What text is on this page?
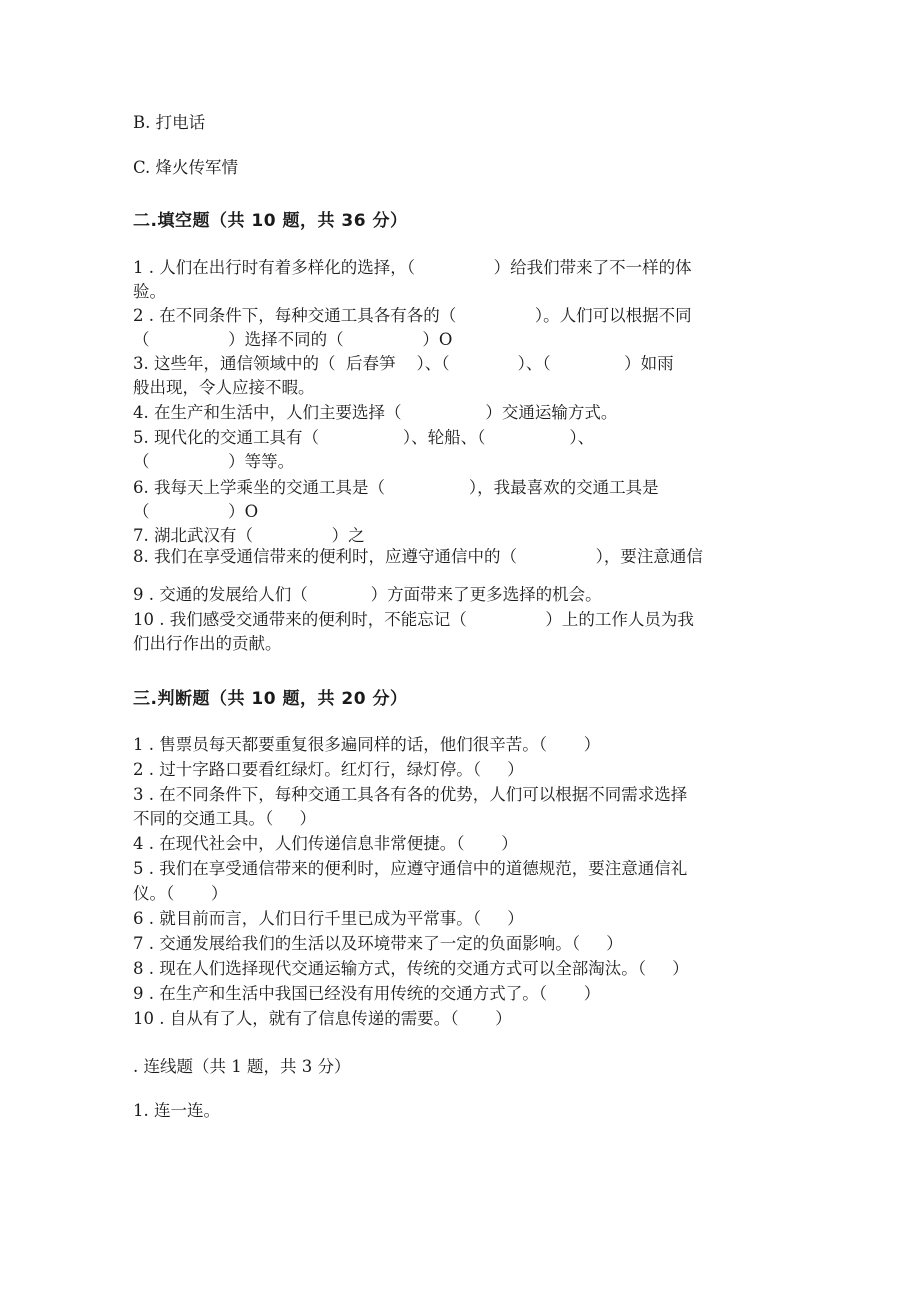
B. 打电话
C. 烽火传军情
二.填空题（共 10 题，共 36 分）
1 . 人们在出行时有着多样化的选择，（               ）给我们带来了不一样的体
验。
2 . 在不同条件下，每种交通工具各有各的（               ）。人们可以根据不同
（               ）选择不同的（               ）O
3. 这些年，通信领域中的（  后春笋    ）、（             ）、（              ）如雨
般出现，令人应接不暇。
4. 在生产和生活中，人们主要选择（                ）交通运输方式。
5. 现代化的交通工具有（                ）、轮船、（                ）、
（               ）等等。
6. 我每天上学乘坐的交通工具是（                ），我最喜欢的交通工具是
（               ）O
7. 湖北武汉有（               ）之
8. 我们在享受通信带来的便利时，应遵守通信中的（               ），要注意通信
9 . 交通的发展给人们（            ）方面带来了更多选择的机会。
10 . 我们感受交通带来的便利时，不能忘记（               ）上的工作人员为我
们出行作出的贡献。
三.判断题（共 10 题，共 20 分）
1 . 售票员每天都要重复很多遍同样的话，他们很辛苦。（       ）
2 . 过十字路口要看红绿灯。红灯行，绿灯停。（     ）
3 . 在不同条件下，每种交通工具各有各的优势，人们可以根据不同需求选择
不同的交通工具。（     ）
4 . 在现代社会中，人们传递信息非常便捷。（       ）
5 . 我们在享受通信带来的便利时，应遵守通信中的道德规范，要注意通信礼
仪。（       ）
6 . 就目前而言，人们日行千里已成为平常事。（     ）
7 . 交通发展给我们的生活以及环境带来了一定的负面影响。（     ）
8 . 现在人们选择现代交通运输方式，传统的交通方式可以全部淘汰。（     ）
9 . 在生产和生活中我国已经没有用传统的交通方式了。（       ）
10 . 自从有了人，就有了信息传递的需要。（       ）
. 连线题（共 1 题，共 3 分）
1. 连一连。
